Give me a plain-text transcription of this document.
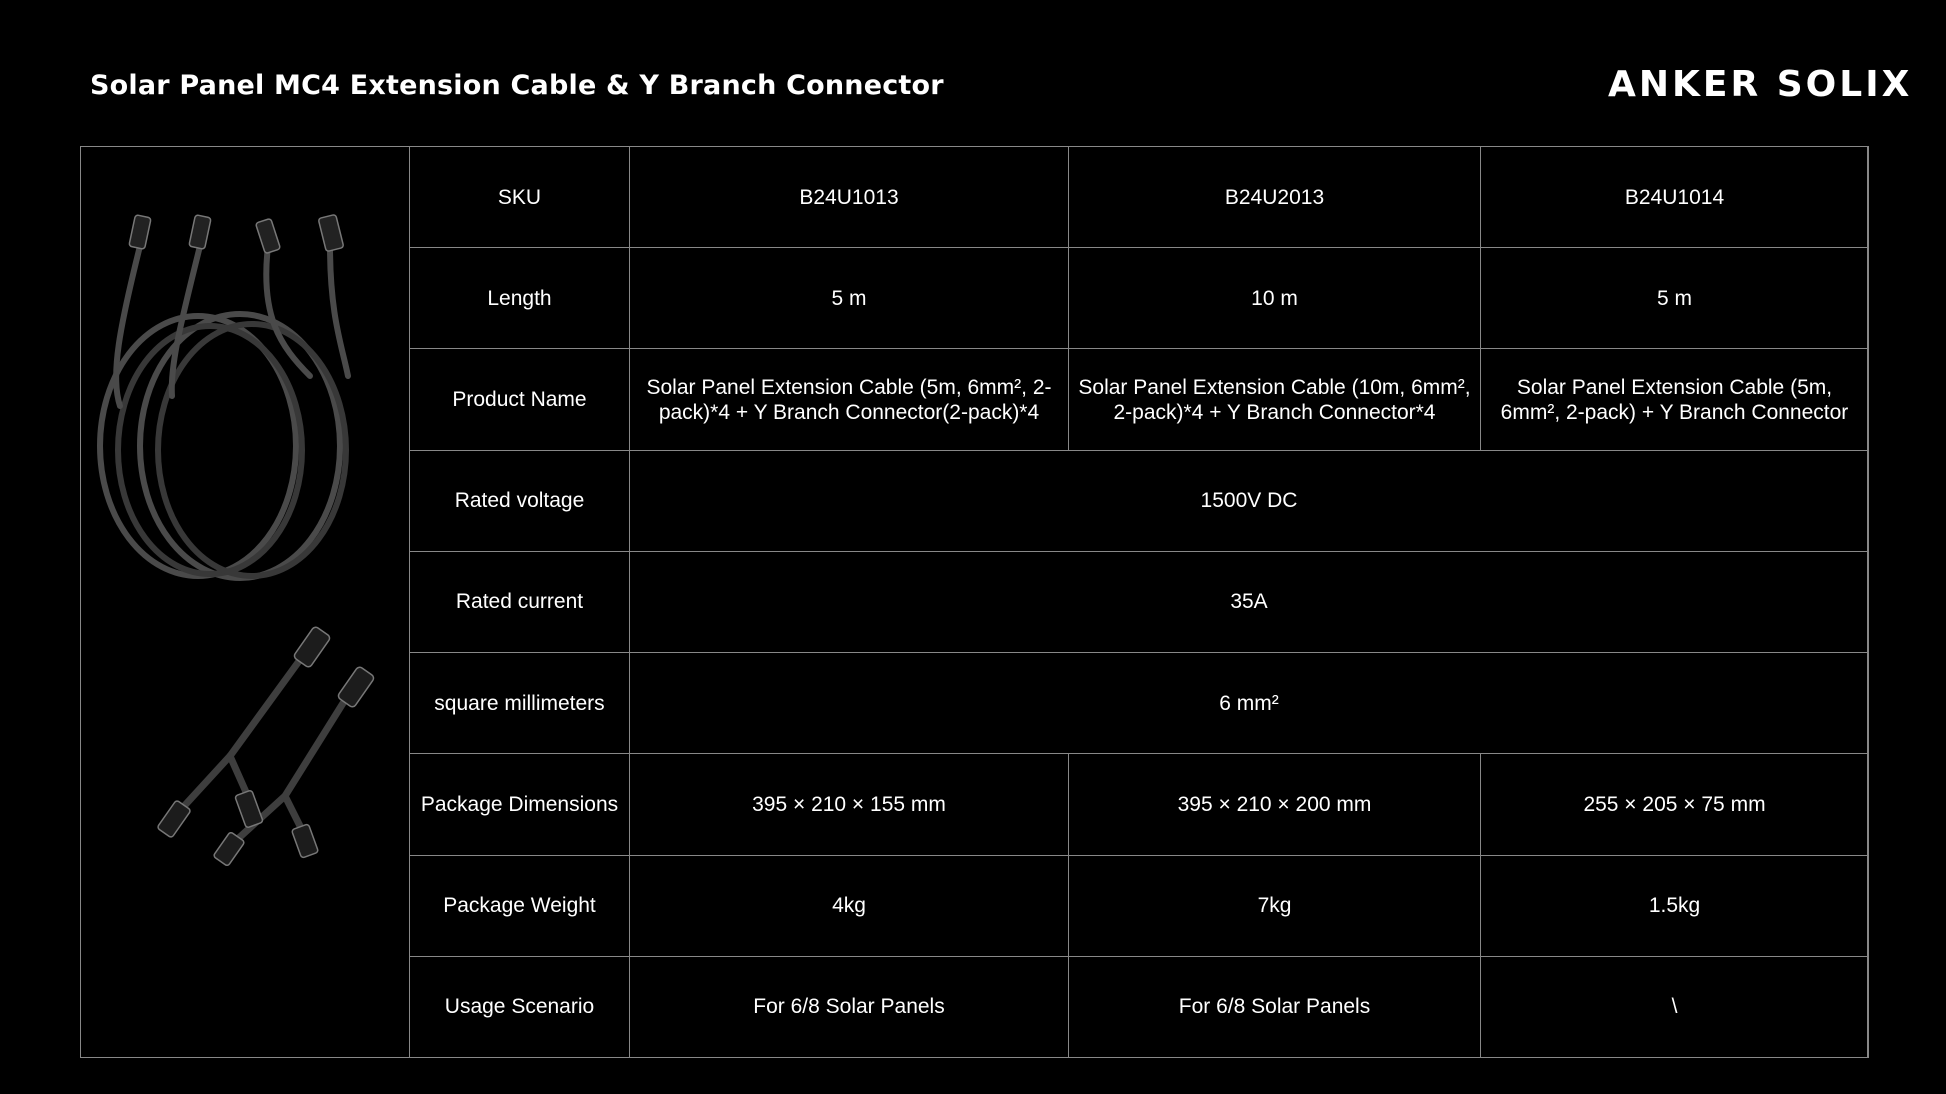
Solar Panel MC4 Extension Cable & Y Branch Connector	ANKER SOLIX
SKU	B24U1013	B24U2013	B24U1014
Length	5 m	10 m	5 m
Product Name	Solar Panel Extension Cable (5m, 6mm², 2-pack)*4 + Y Branch Connector(2-pack)*4	Solar Panel Extension Cable (10m, 6mm², 2-pack)*4 + Y Branch Connector*4	Solar Panel Extension Cable (5m, 6mm², 2-pack) + Y Branch Connector
Rated voltage	1500V DC		
Rated current	35A		
square millimeters	6 mm²		
Package Dimensions	395 × 210 × 155 mm	395 × 210 × 200 mm	255 × 205 × 75 mm
Package Weight	4kg	7kg	1.5kg
Usage Scenario	For 6/8 Solar Panels	For 6/8 Solar Panels	\
